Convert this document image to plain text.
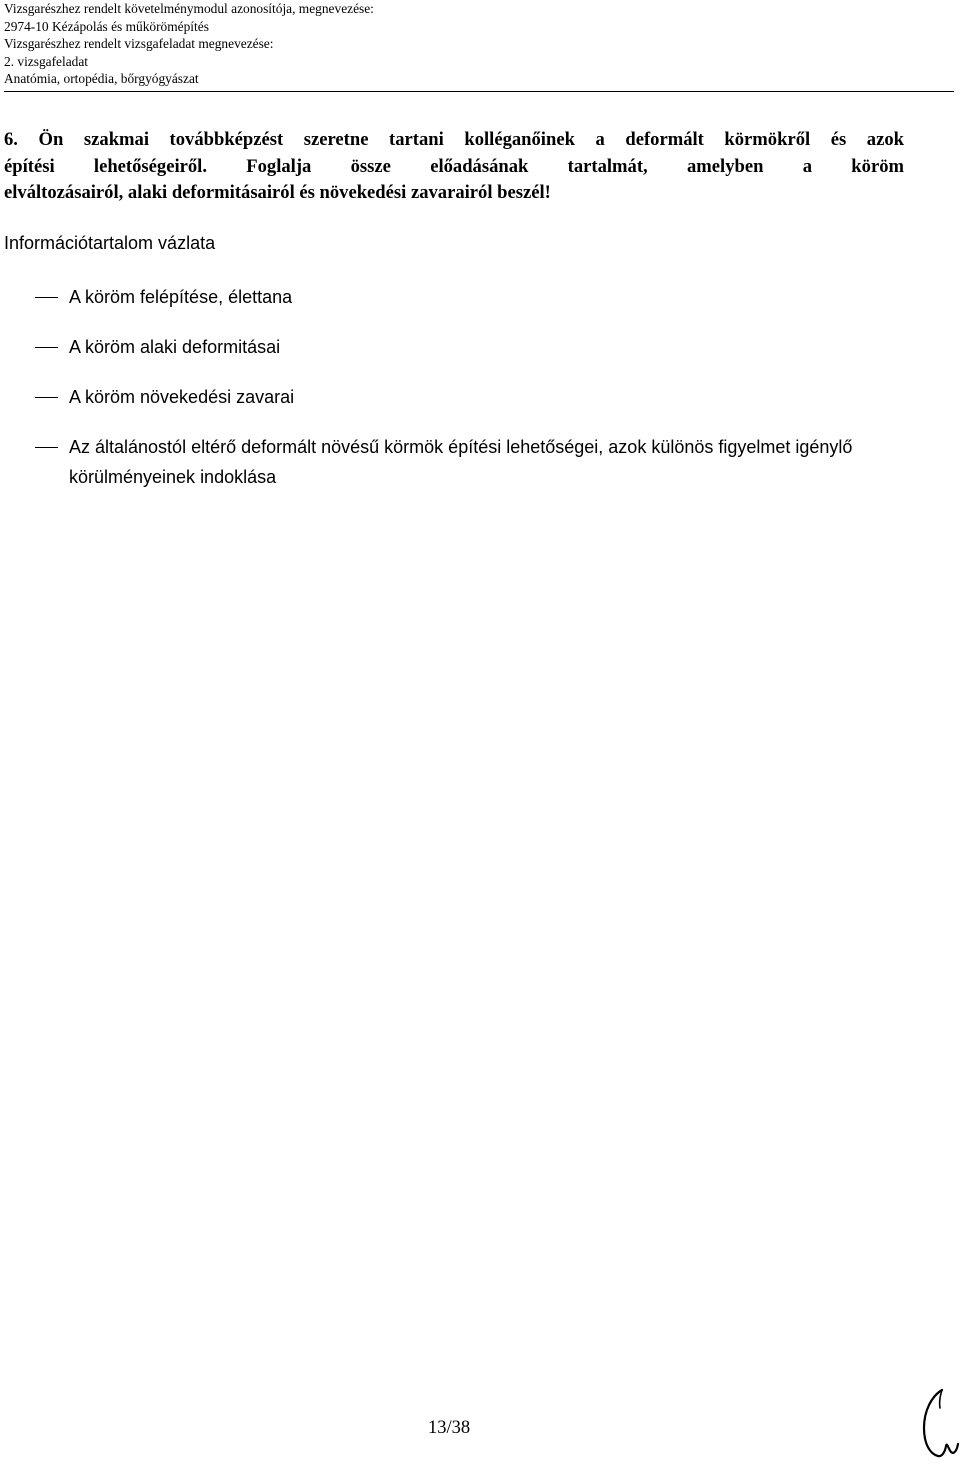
Vizsgarészhez rendelt követelménymodul azonosítója, megnevezése:
2974-10 Kézápolás és műkörömépítés
Vizsgarészhez rendelt vizsgafeladat megnevezése:
2. vizsgafeladat
Anatómia, ortopédia, bőrgyógyászat

6. Ön szakmai továbbképzést szeretne tartani kolléganőinek a deformált körmökről és azok
építési lehetőségeiről. Foglalja össze előadásának tartalmát, amelyben a köröm
elváltozásairól, alaki deformitásairól és növekedési zavarairól beszél!

Információtartalom vázlata
A köröm felépítése, élettana
A köröm alaki deformitásai
A köröm növekedési zavarai
Az általánostól eltérő deformált növésű körmök építési lehetőségei, azok különös figyelmet igénylő körülményeinek indoklása
13/38
